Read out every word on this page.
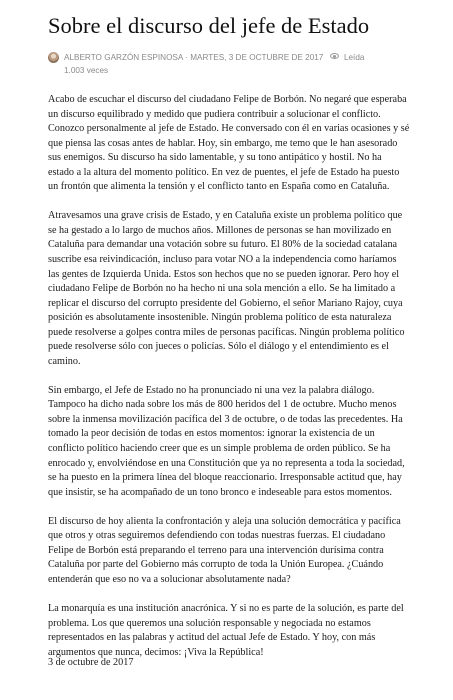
Sobre el discurso del jefe de Estado
ALBERTO GARZÓN ESPINOSA · MARTES, 3 DE OCTUBRE DE 2017	Leída
1.003 veces

Acabo de escuchar el discurso del ciudadano Felipe de Borbón. No negaré que esperaba
un discurso equilibrado y medido que pudiera contribuir a solucionar el conflicto.
Conozco personalmente al jefe de Estado. He conversado con él en varias ocasiones y sé
que piensa las cosas antes de hablar. Hoy, sin embargo, me temo que le han asesorado
sus enemigos. Su discurso ha sido lamentable, y su tono antipático y hostil. No ha
estado a la altura del momento político. En vez de puentes, el jefe de Estado ha puesto
un frontón que alimenta la tensión y el conflicto tanto en España como en Cataluña.

Atravesamos una grave crisis de Estado, y en Cataluña existe un problema político que
se ha gestado a lo largo de muchos años. Millones de personas se han movilizado en
Cataluña para demandar una votación sobre su futuro. El 80% de la sociedad catalana
suscribe esa reivindicación, incluso para votar NO a la independencia como haríamos
las gentes de Izquierda Unida. Estos son hechos que no se pueden ignorar. Pero hoy el
ciudadano Felipe de Borbón no ha hecho ni una sola mención a ello. Se ha limitado a
replicar el discurso del corrupto presidente del Gobierno, el señor Mariano Rajoy, cuya
posición es absolutamente insostenible. Ningún problema político de esta naturaleza
puede resolverse a golpes contra miles de personas pacíficas. Ningún problema político
puede resolverse sólo con jueces o policías. Sólo el diálogo y el entendimiento es el
camino.

Sin embargo, el Jefe de Estado no ha pronunciado ni una vez la palabra diálogo.
Tampoco ha dicho nada sobre los más de 800 heridos del 1 de octubre. Mucho menos
sobre la inmensa movilización pacífica del 3 de octubre, o de todas las precedentes. Ha
tomado la peor decisión de todas en estos momentos: ignorar la existencia de un
conflicto político haciendo creer que es un simple problema de orden público. Se ha
enrocado y, envolviéndose en una Constitución que ya no representa a toda la sociedad,
se ha puesto en la primera línea del bloque reaccionario. Irresponsable actitud que, hay
que insistir, se ha acompañado de un tono bronco e indeseable para estos momentos.

El discurso de hoy alienta la confrontación y aleja una solución democrática y pacífica
que otros y otras seguiremos defendiendo con todas nuestras fuerzas. El ciudadano
Felipe de Borbón está preparando el terreno para una intervención durísima contra
Cataluña por parte del Gobierno más corrupto de toda la Unión Europea. ¿Cuándo
entenderán que eso no va a solucionar absolutamente nada?

La monarquía es una institución anacrónica. Y si no es parte de la solución, es parte del
problema. Los que queremos una solución responsable y negociada no estamos
representados en las palabras y actitud del actual Jefe de Estado. Y hoy, con más
argumentos que nunca, decimos: ¡Viva la República!

3 de octubre de 2017
